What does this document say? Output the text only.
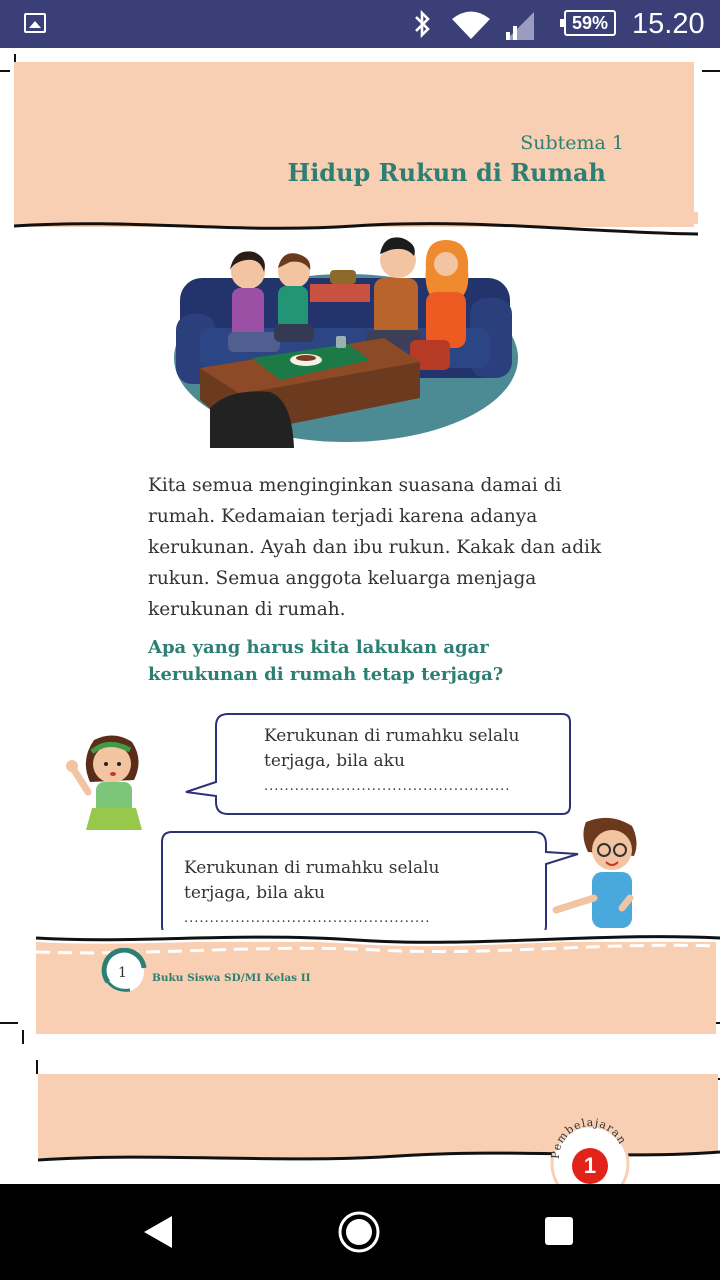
59% 15.20
Subtema 1
Hidup Rukun di Rumah
Kita semua menginginkan suasana damai di
rumah. Kedamaian terjadi karena adanya
kerukunan. Ayah dan ibu rukun. Kakak dan adik
rukun. Semua anggota keluarga menjaga
kerukunan di rumah.
Apa yang harus kita lakukan agar
kerukunan di rumah tetap terjaga?
Kerukunan di rumahku selalu
terjaga, bila aku
................................................
Kerukunan di rumahku selalu
terjaga, bila aku
................................................
1 Buku Siswa SD/MI Kelas II
Pembelajaran
1
